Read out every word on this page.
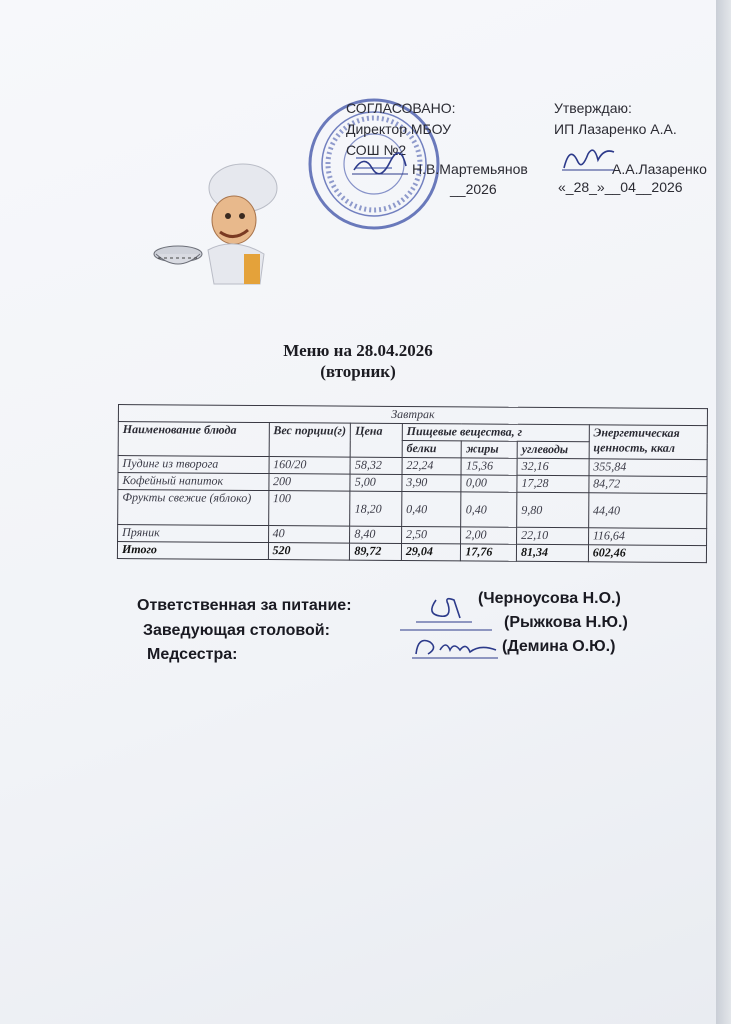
СОГЛАСОВАНО:
Директор МБОУ
СОШ №2
Н.В.Мартемьянов
__2026
Утверждаю:
ИП Лазаренко А.А.
А.А.Лазаренко
«_28_»__04__2026
Меню на 28.04.2026
(вторник)
Завтрак						
Наименование блюда	Вес порции(г)	Цена	Пищевые вещества, г			Энергетическая ценность, ккал
			белки	жиры	углеводы	
Пудинг из творога	160/20	58,32	22,24	15,36	32,16	355,84
Кофейный напиток	200	5,00	3,90	0,00	17,28	84,72
Фрукты свежие (яблоко)	100	18,20	0,40	0,40	9,80	44,40
Пряник	40	8,40	2,50	2,00	22,10	116,64
Итого	520	89,72	29,04	17,76	81,34	602,46
Ответственная за питание:	(Черноусова Н.О.)
Заведующая столовой:	(Рыжкова Н.Ю.)
Медсестра:	(Демина О.Ю.)
